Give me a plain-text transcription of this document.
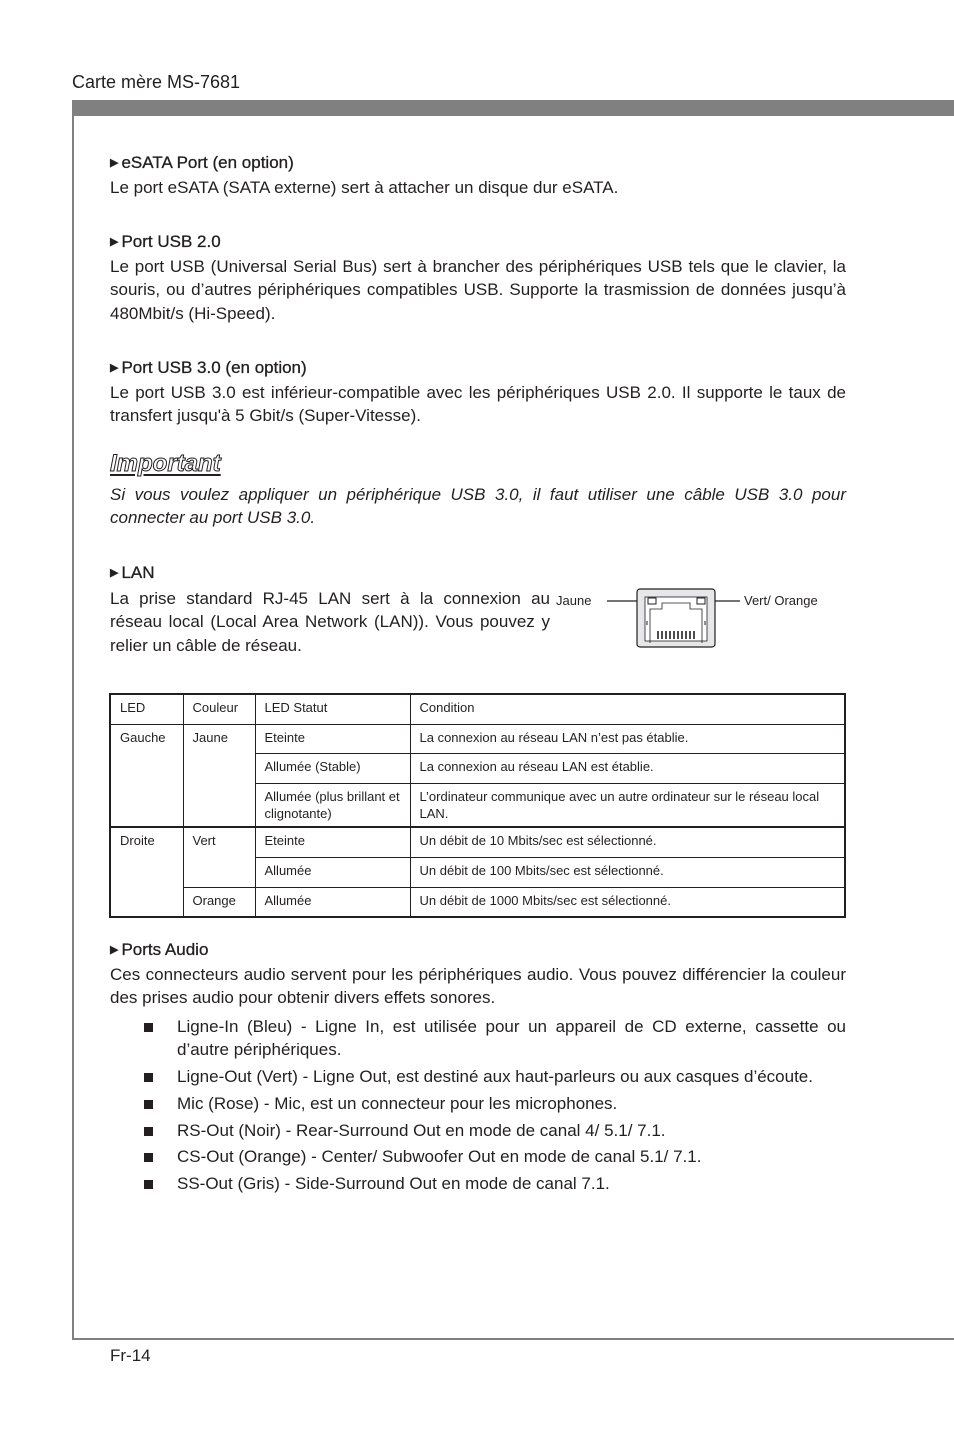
Carte mère MS-7681
▶ eSATA Port (en option)
Le port eSATA (SATA externe) sert à attacher un disque dur eSATA.
▶ Port USB 2.0
Le port USB (Universal Serial Bus) sert à brancher des périphériques USB tels que le clavier, la souris, ou d’autres périphériques compatibles USB. Supporte la trasmission de données jusqu’à 480Mbit/s (Hi-Speed).
▶ Port USB 3.0 (en option)
Le port USB 3.0 est inférieur-compatible avec les périphériques USB 2.0. Il supporte le taux de transfert jusqu'à 5 Gbit/s (Super-Vitesse).
Important
Si vous voulez appliquer un périphérique USB 3.0, il faut utiliser une câble USB 3.0 pour connecter au port USB 3.0.
▶ LAN
La prise standard RJ-45 LAN sert à la connexion au réseau local (Local Area Network (LAN)). Vous pouvez y relier un câble de réseau.
Jaune	Vert/ Orange
LED	Couleur	LED Statut	Condition
Gauche	Jaune	Eteinte	La connexion au réseau LAN n’est pas établie.
		Allumée (Stable)	La connexion au réseau LAN est établie.
		Allumée (plus brillant et clignotante)	L’ordinateur communique avec un autre ordinateur sur le réseau local LAN.
Droite	Vert	Eteinte	Un débit de 10 Mbits/sec est sélectionné.
		Allumée	Un débit de 100 Mbits/sec est sélectionné.
	Orange	Allumée	Un débit de 1000 Mbits/sec est sélectionné.
▶ Ports Audio
Ces connecteurs audio servent pour les périphériques audio. Vous pouvez différencier la couleur des prises audio pour obtenir divers effets sonores.
Ligne-In (Bleu) - Ligne In, est utilisée pour un appareil de CD externe, cassette ou d’autre périphériques.
Ligne-Out (Vert) - Ligne Out, est destiné aux haut-parleurs ou aux casques d’écoute.
Mic (Rose) - Mic, est un connecteur pour les microphones.
RS-Out (Noir) - Rear-Surround Out en mode de canal 4/ 5.1/ 7.1.
CS-Out (Orange) - Center/ Subwoofer Out en mode de canal 5.1/ 7.1.
SS-Out (Gris) - Side-Surround Out en mode de canal 7.1.
Fr-14
